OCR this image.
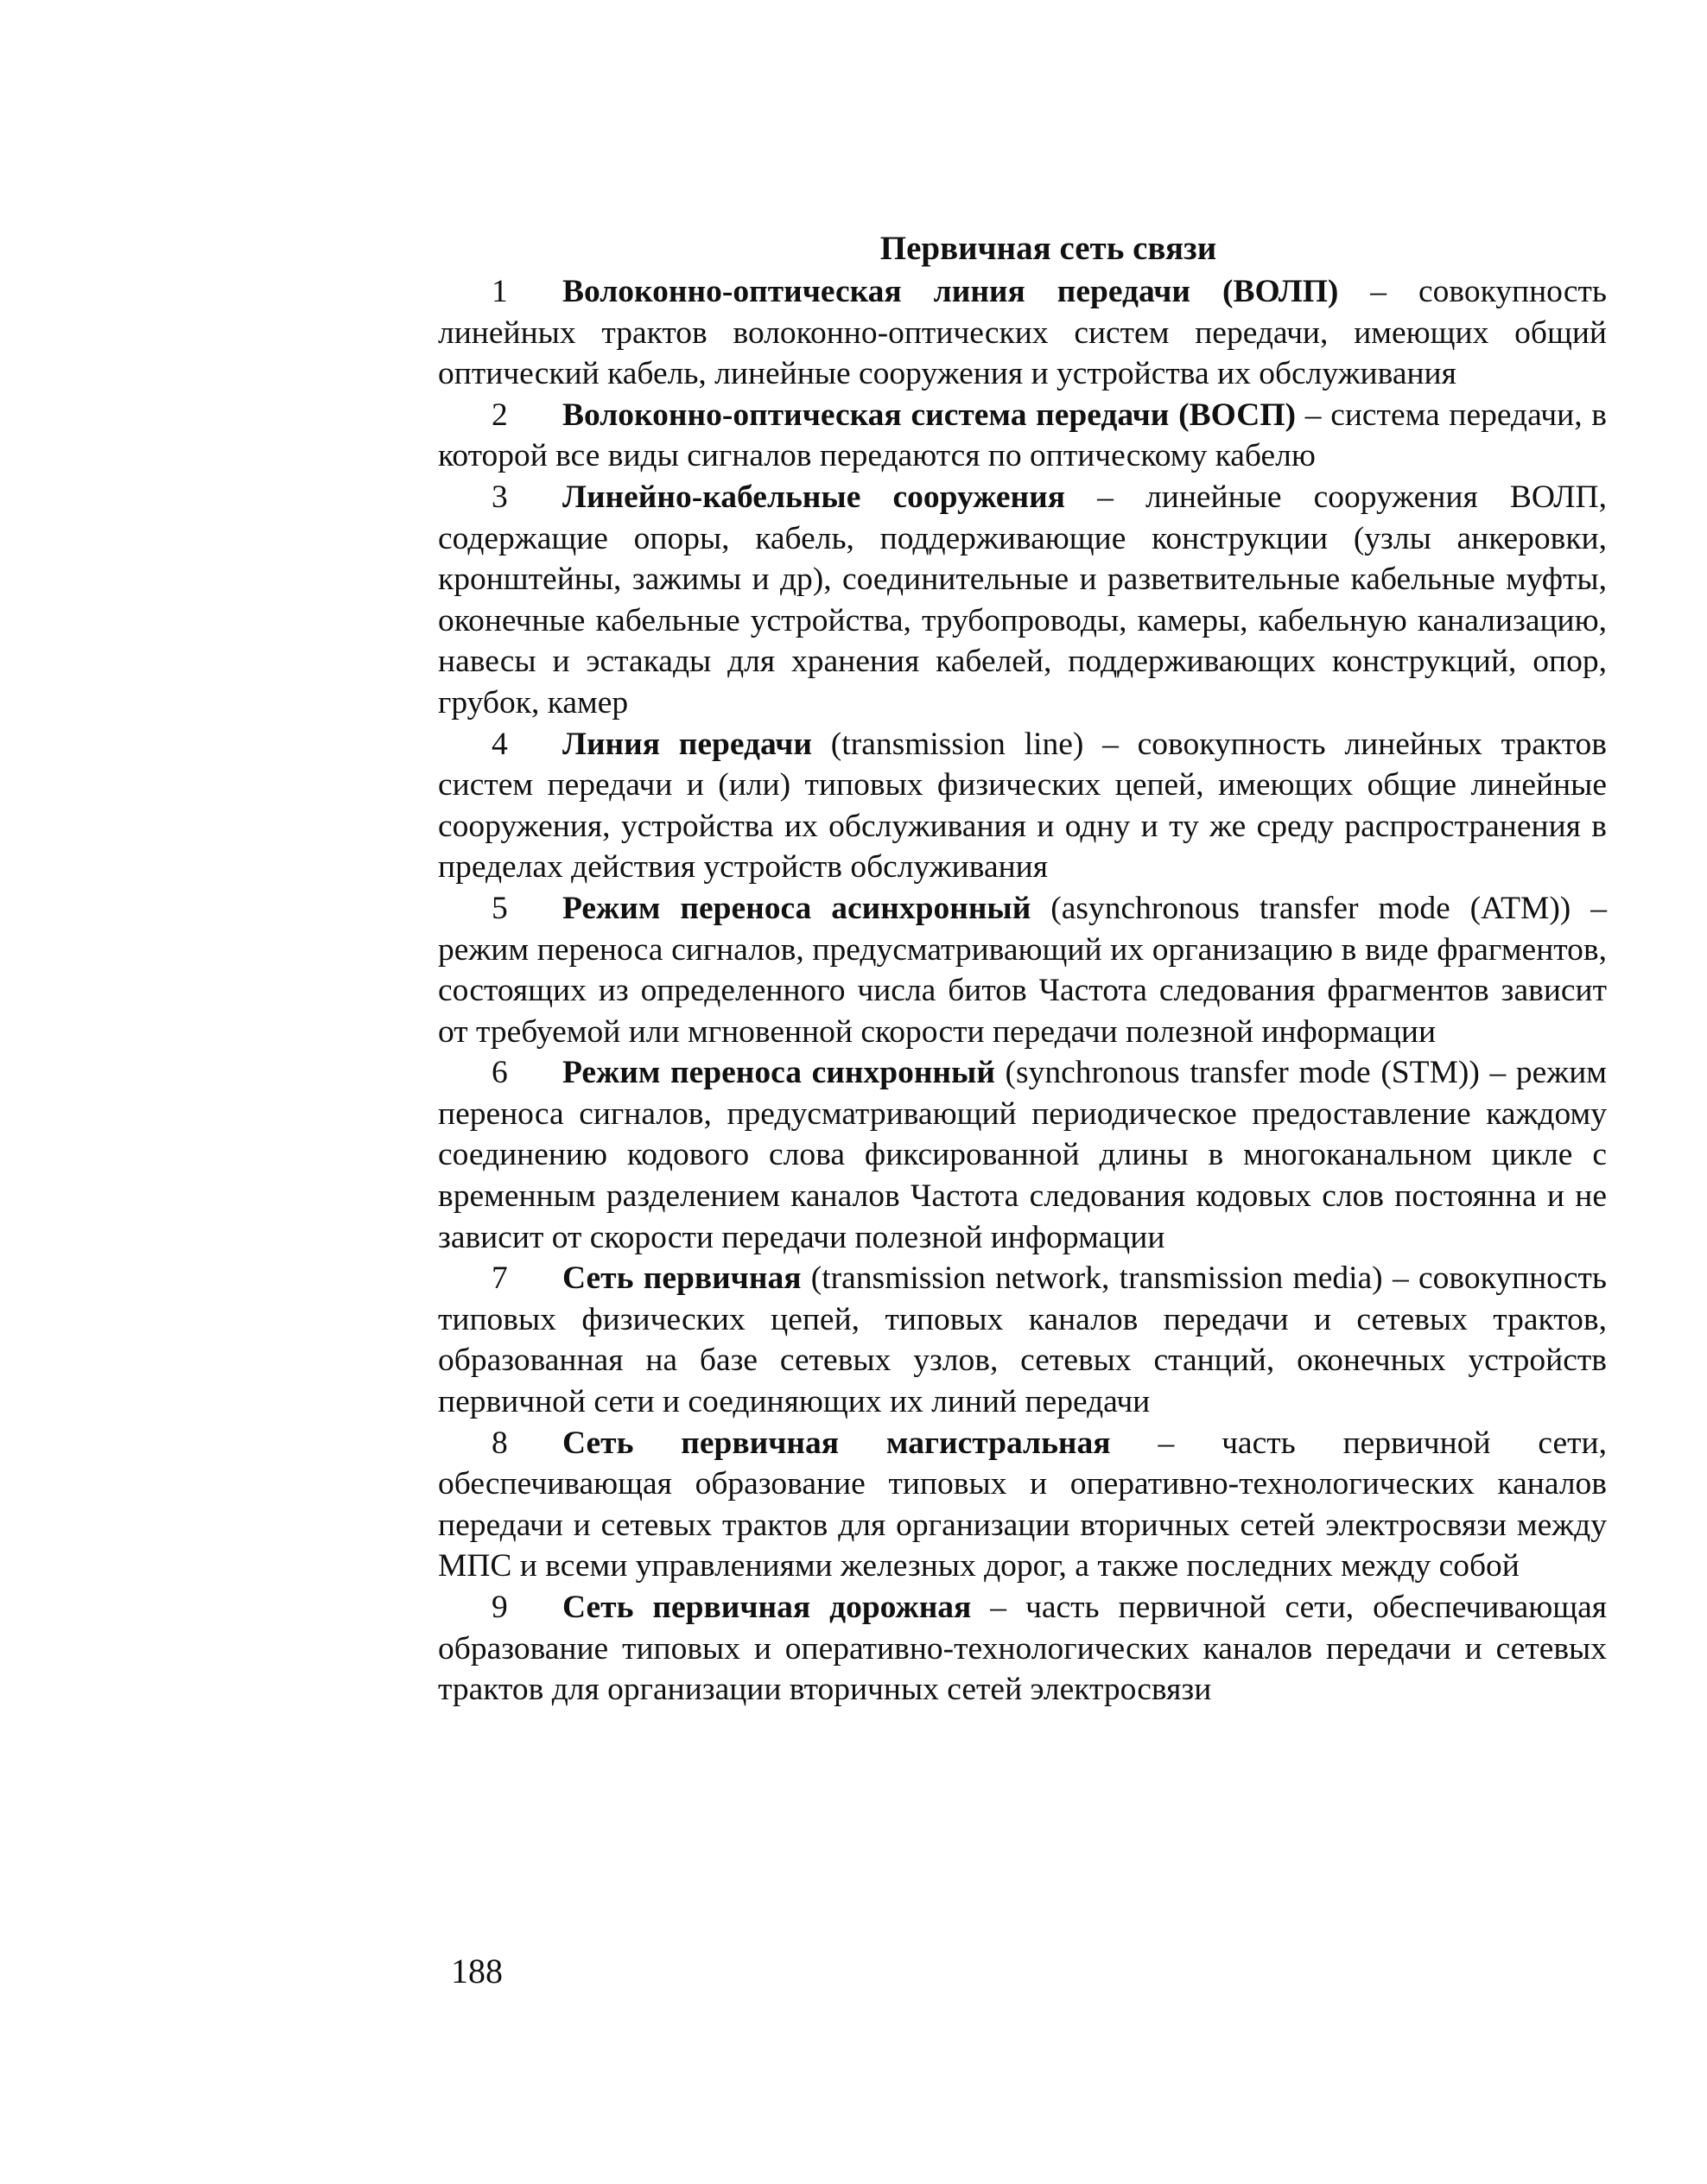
Первичная сеть связи

1 Волоконно-оптическая линия передачи (ВОЛП) – совокупность линейных трактов волоконно-оптических систем передачи, имеющих общий оптический кабель, линейные сооружения и устройства их обслуживания

2 Волоконно-оптическая система передачи (ВОСП) – система передачи, в которой все виды сигналов передаются по оптическому кабелю

3 Линейно-кабельные сооружения – линейные сооружения ВОЛП, содержащие опоры, кабель, поддерживающие конструкции (узлы анкеровки, кронштейны, зажимы и др), соединительные и разветвительные кабельные муфты, оконечные кабельные устройства, трубопроводы, камеры, кабельную канализацию, навесы и эстакады для хранения кабелей, поддерживающих конструкций, опор, грубок, камер

4 Линия передачи (transmission line) – совокупность линейных трактов систем передачи и (или) типовых физических цепей, имеющих общие линейные сооружения, устройства их обслуживания и одну и ту же среду распространения в пределах действия устройств обслуживания

5 Режим переноса асинхронный (asynchronous transfer mode (ATM)) – режим переноса сигналов, предусматривающий их организацию в виде фрагментов, состоящих из определенного числа битов Частота следования фрагментов зависит от требуемой или мгновенной скорости передачи полезной информации

6 Режим переноса синхронный (synchronous transfer mode (STM)) – режим переноса сигналов, предусматривающий периодическое предоставление каждому соединению кодового слова фиксированной длины в многоканальном цикле с временным разделением каналов Частота следования кодовых слов постоянна и не зависит от скорости передачи полезной информации

7 Сеть первичная (transmission network, transmission media) – совокупность типовых физических цепей, типовых каналов передачи и сетевых трактов, образованная на базе сетевых узлов, сетевых станций, оконечных устройств первичной сети и соединяющих их линий передачи

8 Сеть первичная магистральная – часть первичной сети, обеспечивающая образование типовых и оперативно-технологических каналов передачи и сетевых трактов для организации вторичных сетей электросвязи между МПС и всеми управлениями железных дорог, а также последних между собой

9 Сеть первичная дорожная – часть первичной сети, обеспечивающая образование типовых и оперативно-технологических каналов передачи и сетевых трактов для организации вторичных сетей электросвязи

188
